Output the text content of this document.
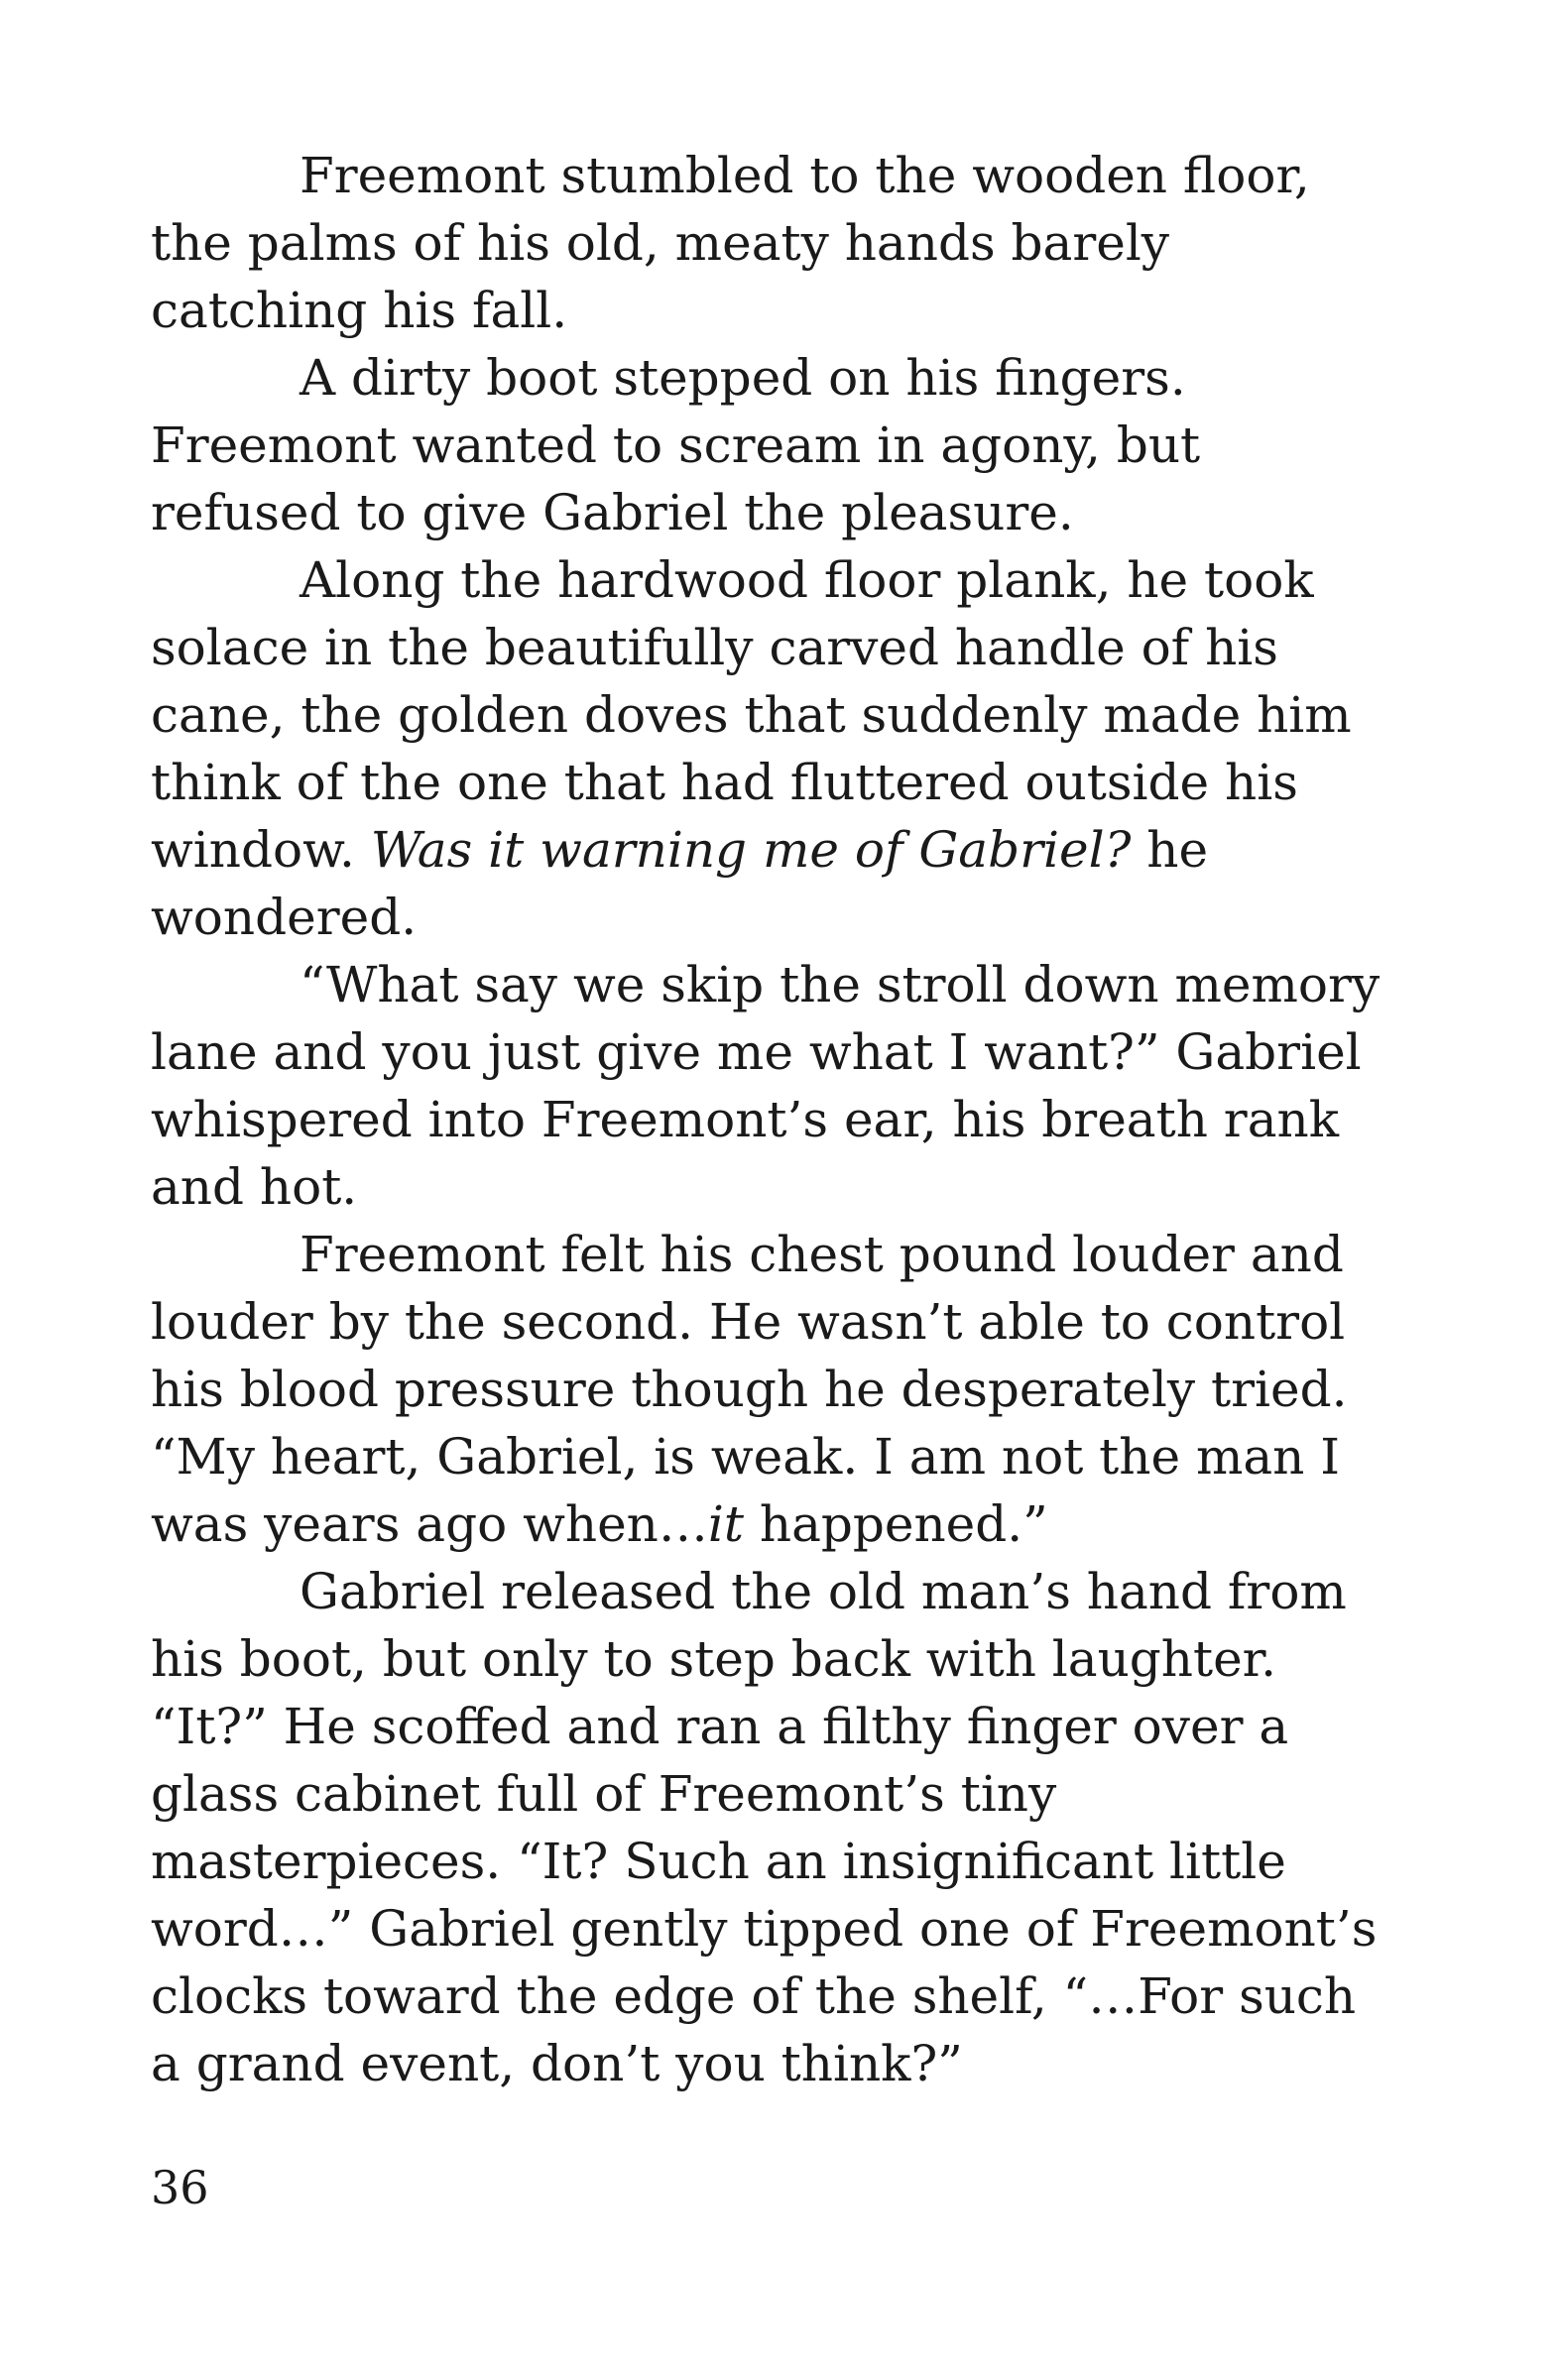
Freemont stumbled to the wooden floor,
the palms of his old, meaty hands barely
catching his fall.
A dirty boot stepped on his fingers.
Freemont wanted to scream in agony, but
refused to give Gabriel the pleasure.
Along the hardwood floor plank, he took
solace in the beautifully carved handle of his
cane, the golden doves that suddenly made him
think of the one that had fluttered outside his
window. Was it warning me of Gabriel? he
wondered.
“What say we skip the stroll down memory
lane and you just give me what I want?” Gabriel
whispered into Freemont’s ear, his breath rank
and hot.
Freemont felt his chest pound louder and
louder by the second. He wasn’t able to control
his blood pressure though he desperately tried.
“My heart, Gabriel, is weak. I am not the man I
was years ago when…it happened.”
Gabriel released the old man’s hand from
his boot, but only to step back with laughter.
“It?” He scoffed and ran a filthy finger over a
glass cabinet full of Freemont’s tiny
masterpieces. “It? Such an insignificant little
word…” Gabriel gently tipped one of Freemont’s
clocks toward the edge of the shelf, “…For such
a grand event, don’t you think?”
36
